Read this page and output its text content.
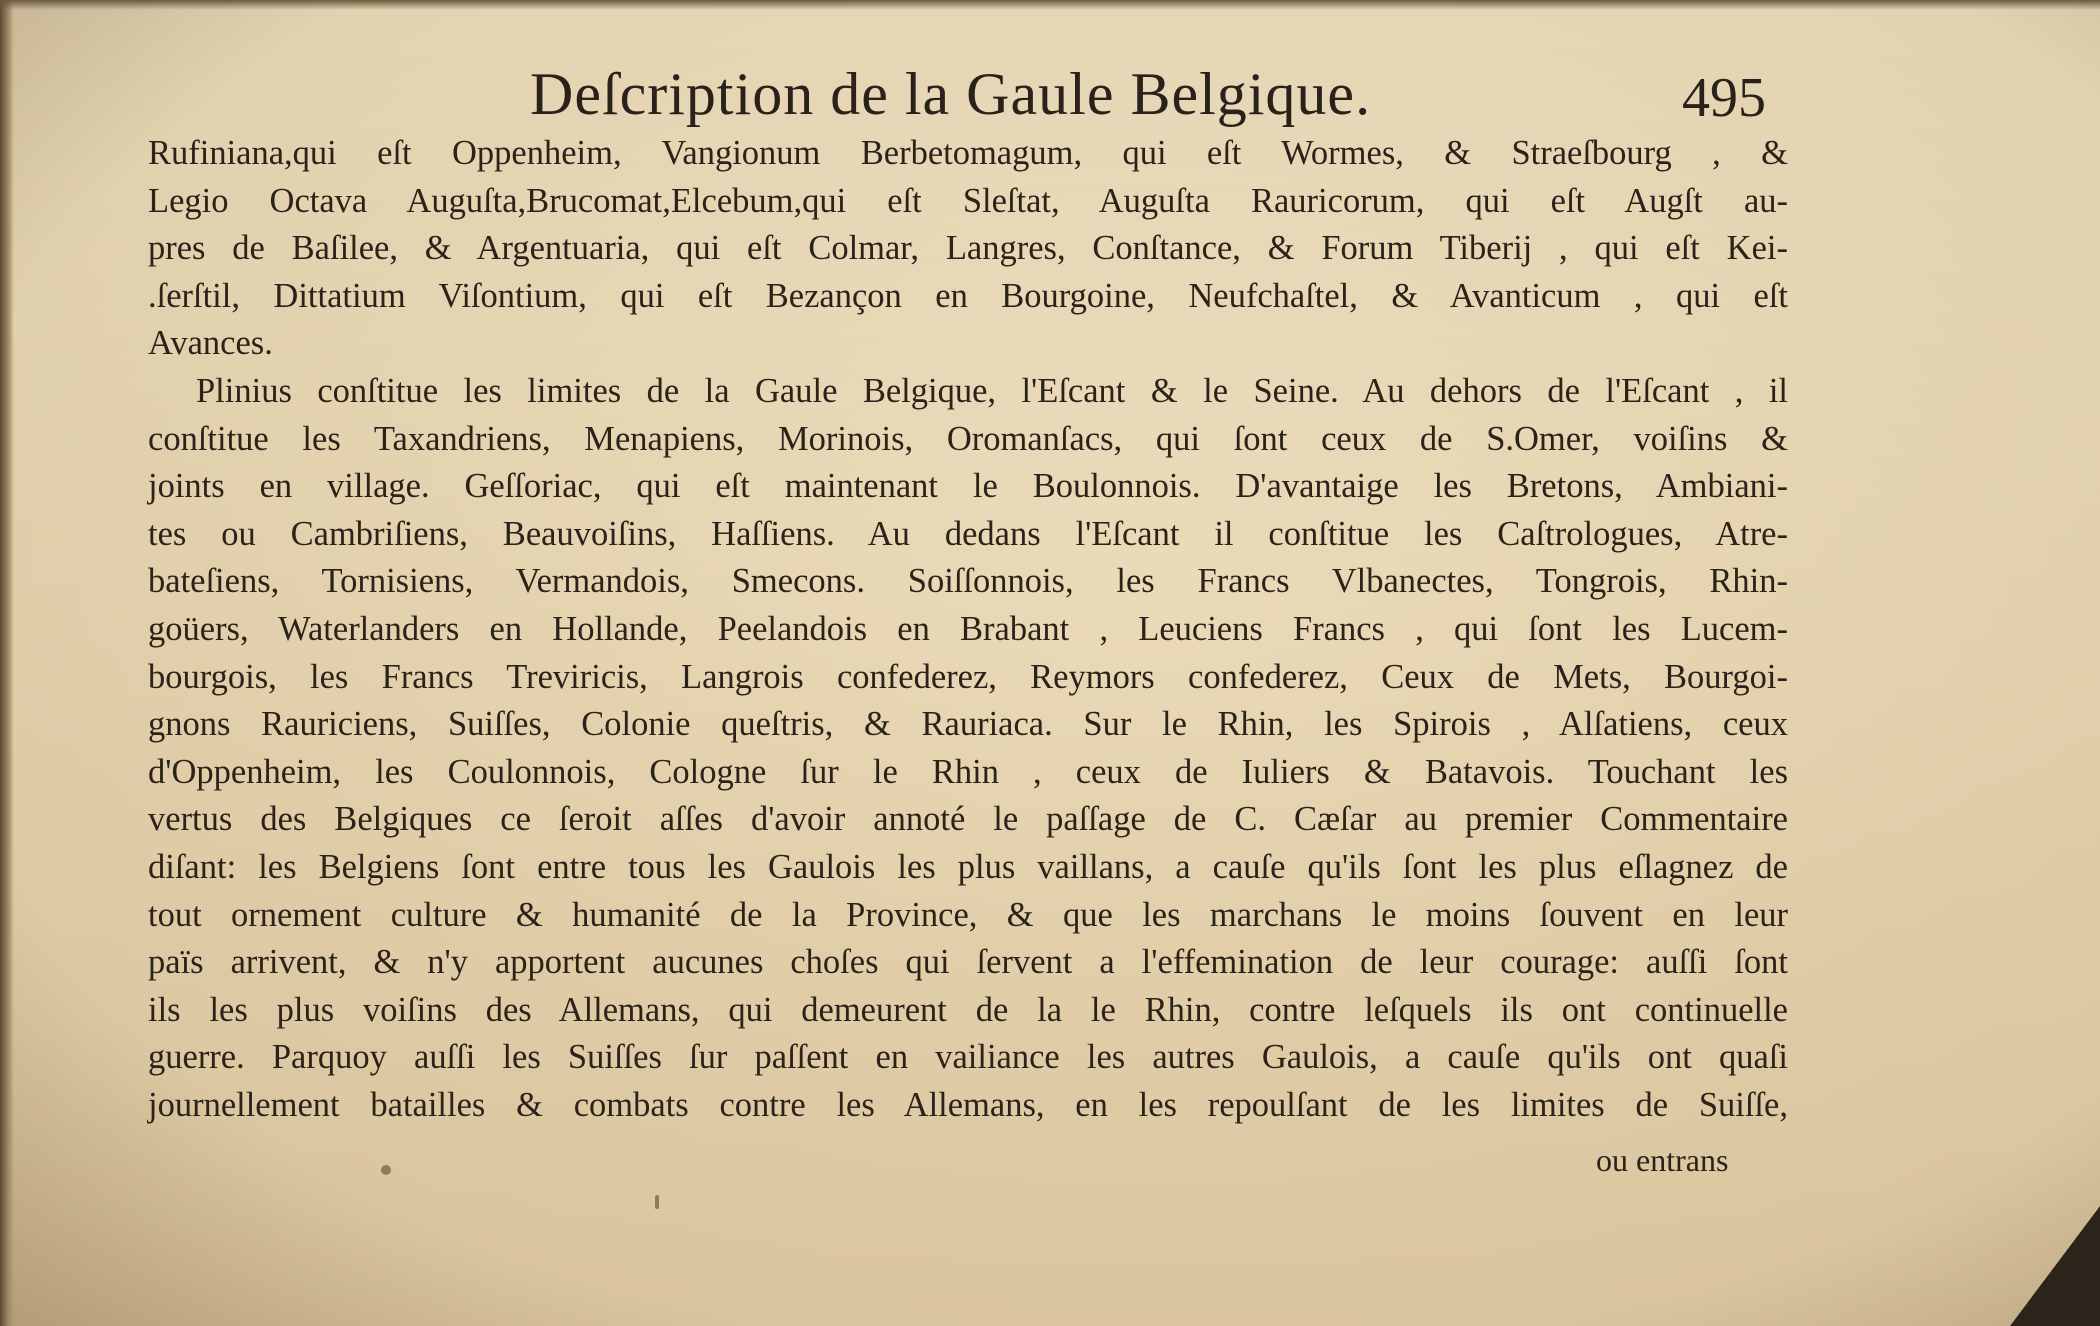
Deſcription de la Gaule Belgique.	495
Rufiniana,qui eſt Oppenheim, Vangionum Berbetomagum, qui eſt Wormes, & Straeſbourg , &
Legio Octava Auguſta,Brucomat,Elcebum,qui eſt Sleſtat, Auguſta Rauricorum, qui eſt Augſt au-
pres de Baſilee, & Argentuaria, qui eſt Colmar, Langres, Conſtance, & Forum Tiberij , qui eſt Kei-
.ſerſtil, Dittatium Viſontium, qui eſt Bezançon en Bourgoine, Neufchaſtel, & Avanticum , qui eſt
Avances.
Plinius conſtitue les limites de la Gaule Belgique, l'Eſcant & le Seine. Au dehors de l'Eſcant , il
conſtitue les Taxandriens, Menapiens, Morinois, Oromanſacs, qui ſont ceux de S.Omer, voiſins &
joints en village. Geſſoriac, qui eſt maintenant le Boulonnois. D'avantaige les Bretons, Ambiani-
tes ou Cambriſiens, Beauvoiſins, Haſſiens. Au dedans l'Eſcant il conſtitue les Caſtrologues, Atre-
bateſiens, Tornisiens, Vermandois, Smecons. Soiſſonnois, les Francs Vlbanectes, Tongrois, Rhin-
goüers, Waterlanders en Hollande, Peelandois en Brabant , Leuciens Francs , qui ſont les Lucem-
bourgois, les Francs Treviricis, Langrois confederez, Reymors confederez, Ceux de Mets, Bourgoi-
gnons Rauriciens, Suiſſes, Colonie queſtris, & Rauriaca. Sur le Rhin, les Spirois , Alſatiens, ceux
d'Oppenheim, les Coulonnois, Cologne ſur le Rhin , ceux de Iuliers & Batavois. Touchant les
vertus des Belgiques ce ſeroit aſſes d'avoir annoté le paſſage de C. Cæſar au premier Commentaire
diſant: les Belgiens ſont entre tous les Gaulois les plus vaillans, a cauſe qu'ils ſont les plus eſlagnez de
tout ornement culture & humanité de la Province, & que les marchans le moins ſouvent en leur
païs arrivent, & n'y apportent aucunes choſes qui ſervent a l'effemination de leur courage: auſſi ſont
ils les plus voiſins des Allemans, qui demeurent de la le Rhin, contre leſquels ils ont continuelle
guerre. Parquoy auſſi les Suiſſes ſur paſſent en vailiance les autres Gaulois, a cauſe qu'ils ont quaſi
journellement batailles & combats contre les Allemans, en les repoulſant de les limites de Suiſſe,
ou entrans
